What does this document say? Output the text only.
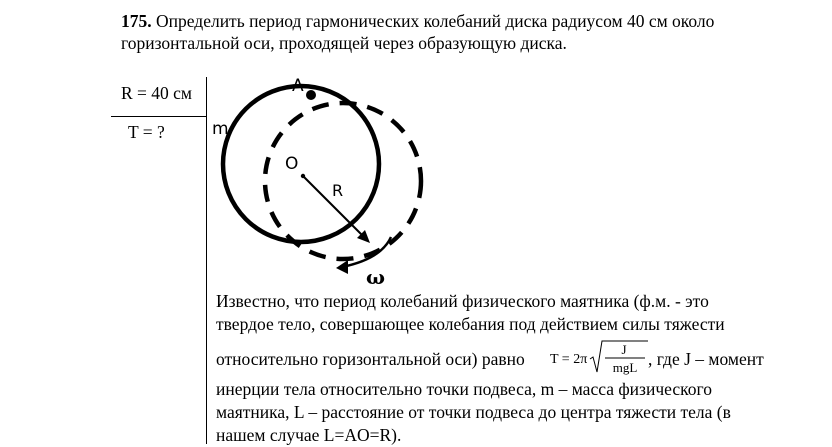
175. Определить период гармонических колебаний диска радиусом 40 см около горизонтальной оси, проходящей через образующую диска.
R = 40 см
T = ?
A
m
O
R
ω
Известно, что период колебаний физического маятника (ф.м. - это
твердое тело, совершающее колебания под действием силы тяжести
относительно горизонтальной оси) равно T = 2π
J
mgL , где J – момент
инерции тела относительно точки подвеса, m – масса физического
маятника, L – расстояние от точки подвеса до центра тяжести тела (в
нашем случае L=AO=R).
